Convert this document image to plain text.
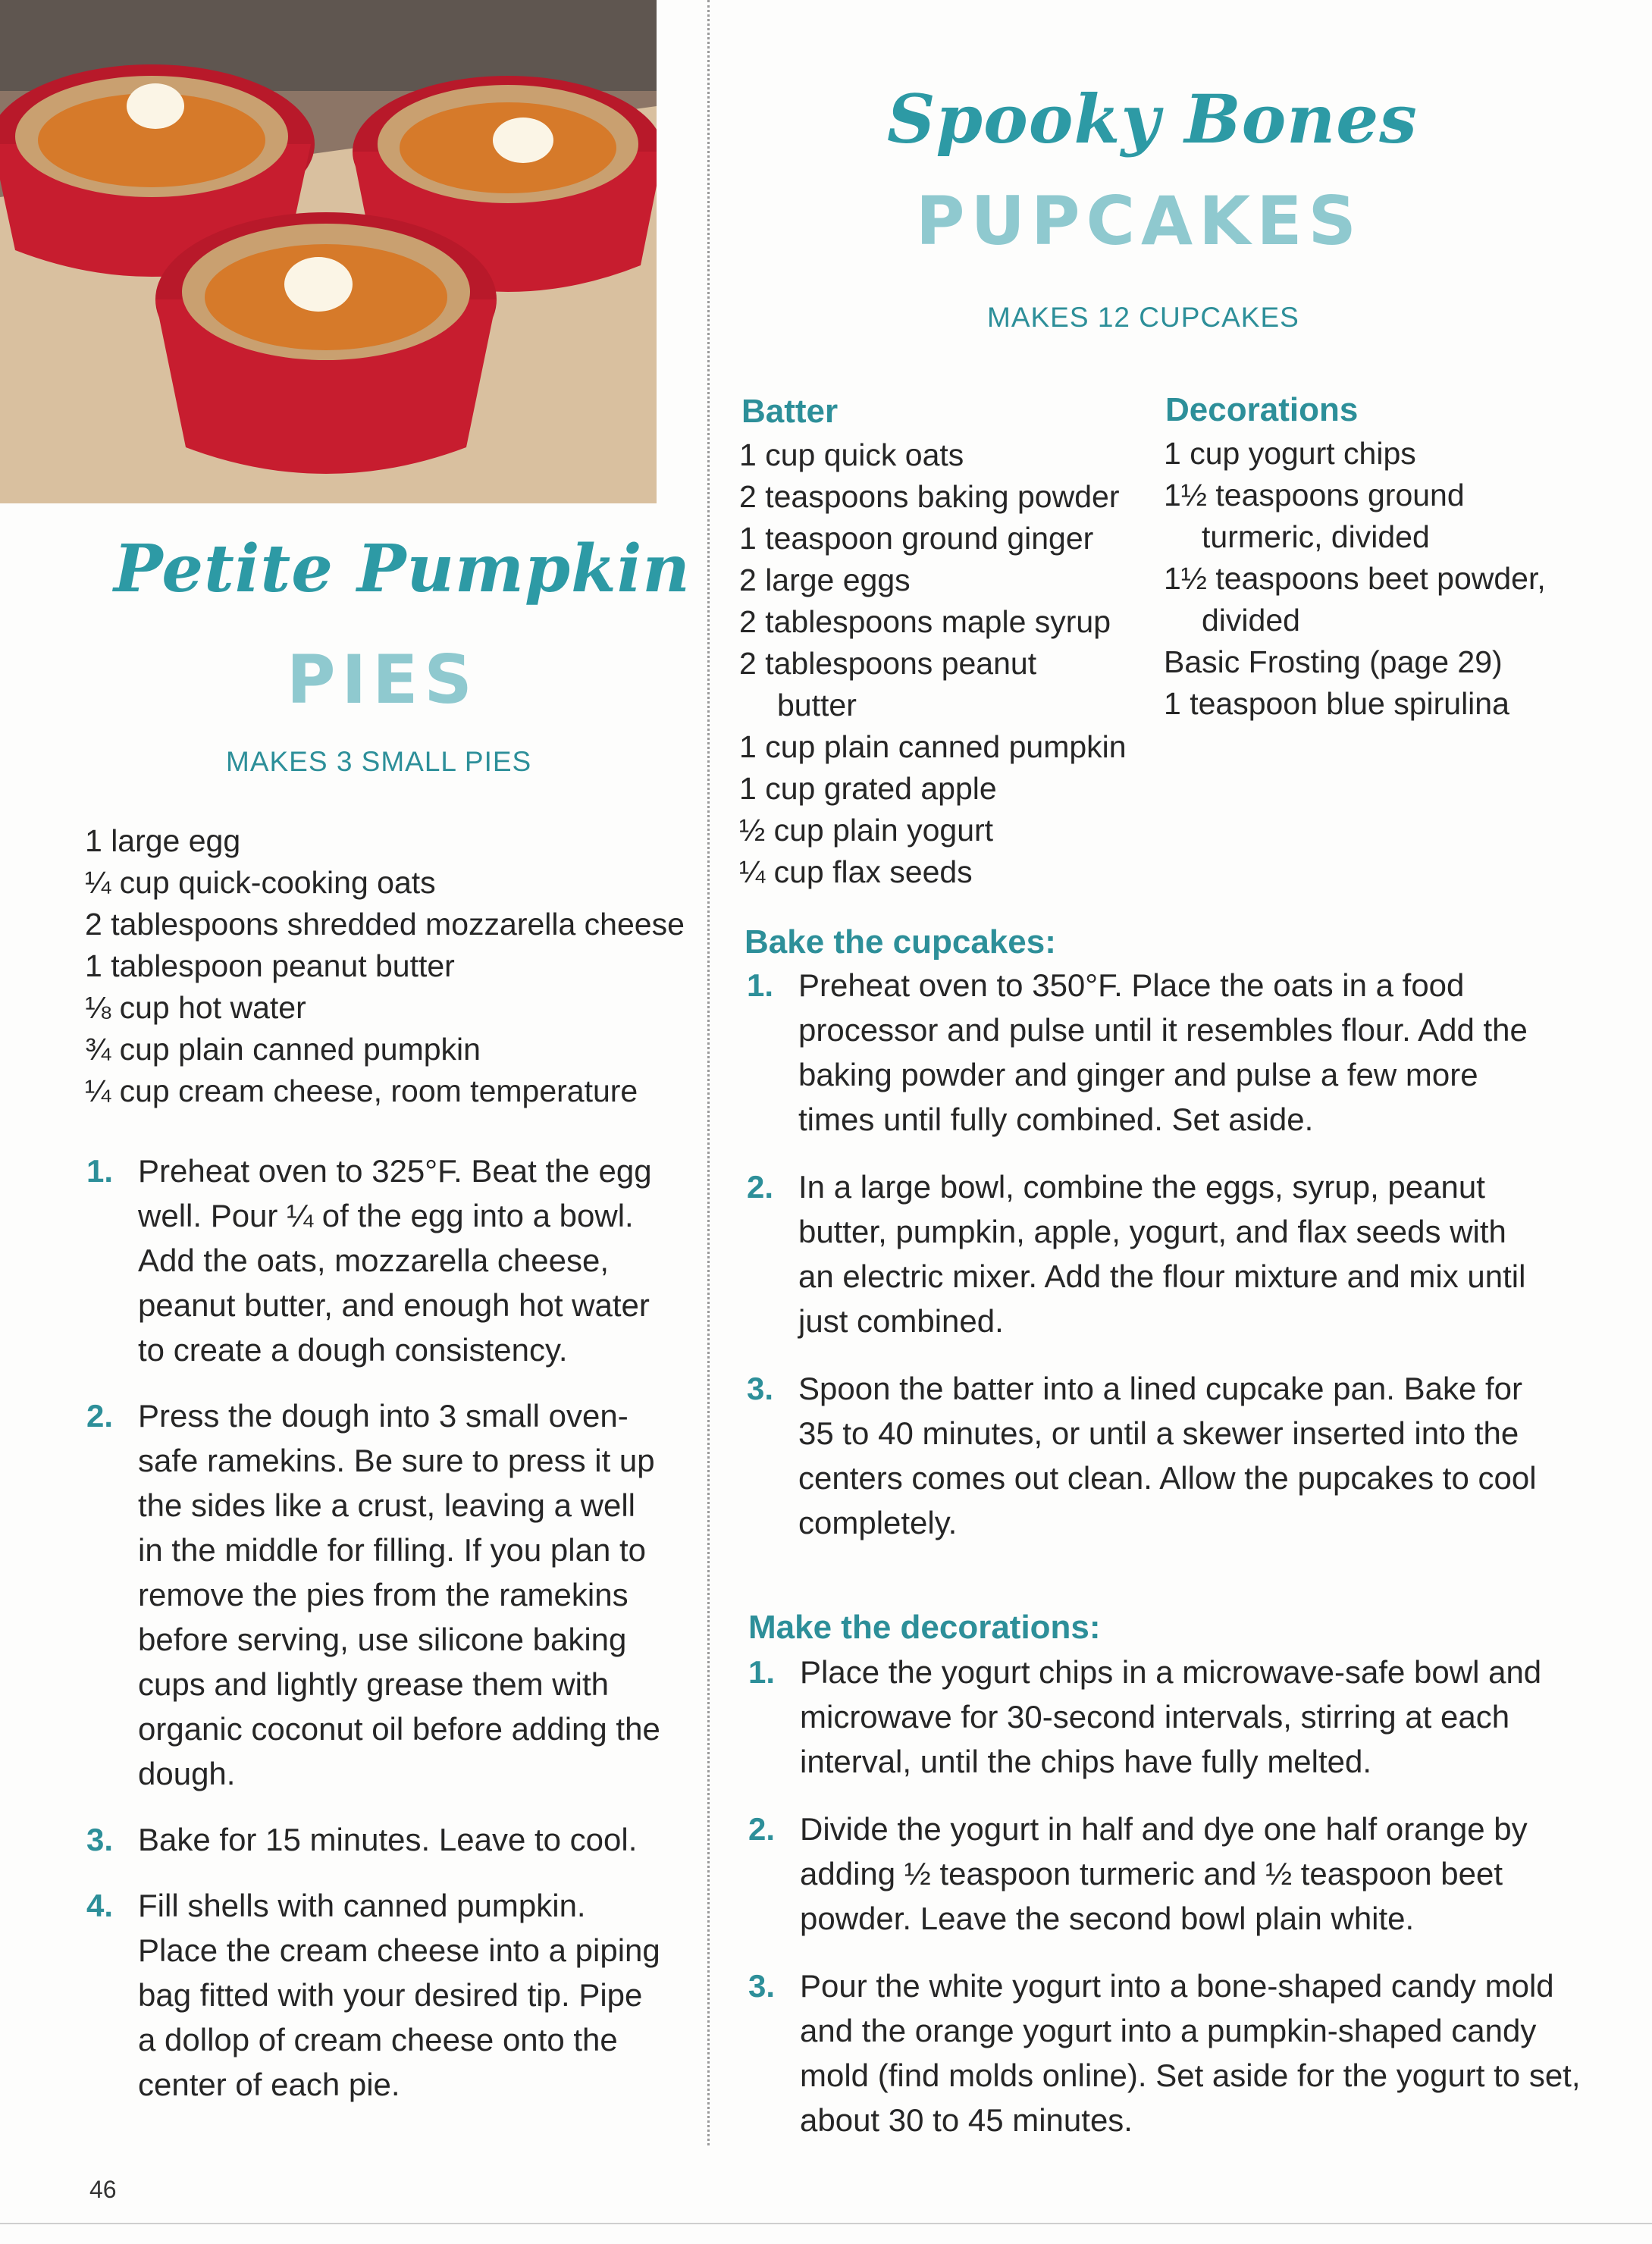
Petite Pumpkin
PIES
MAKES 3 SMALL PIES
1 large egg
¼ cup quick-cooking oats
2 tablespoons shredded mozzarella cheese
1 tablespoon peanut butter
⅛ cup hot water
¾ cup plain canned pumpkin
¼ cup cream cheese, room temperature
1. Preheat oven to 325°F. Beat the egg well. Pour ¼ of the egg into a bowl. Add the oats, mozzarella cheese, peanut butter, and enough hot water to create a dough consistency.
2. Press the dough into 3 small oven-safe ramekins. Be sure to press it up the sides like a crust, leaving a well in the middle for filling. If you plan to remove the pies from the ramekins before serving, use silicone baking cups and lightly grease them with organic coconut oil before adding the dough.
3. Bake for 15 minutes. Leave to cool.
4. Fill shells with canned pumpkin. Place the cream cheese into a piping bag fitted with your desired tip. Pipe a dollop of cream cheese onto the center of each pie.
Spooky Bones
PUPCAKES
MAKES 12 CUPCAKES
Batter
1 cup quick oats
2 teaspoons baking powder
1 teaspoon ground ginger
2 large eggs
2 tablespoons maple syrup
2 tablespoons peanut
butter
1 cup plain canned pumpkin
1 cup grated apple
½ cup plain yogurt
¼ cup flax seeds
Decorations
1 cup yogurt chips
1½ teaspoons ground
turmeric, divided
1½ teaspoons beet powder,
divided
Basic Frosting (page 29)
1 teaspoon blue spirulina
Bake the cupcakes:
1. Preheat oven to 350°F. Place the oats in a food processor and pulse until it resembles flour. Add the baking powder and ginger and pulse a few more times until fully combined. Set aside.
2. In a large bowl, combine the eggs, syrup, peanut butter, pumpkin, apple, yogurt, and flax seeds with an electric mixer. Add the flour mixture and mix until just combined.
3. Spoon the batter into a lined cupcake pan. Bake for 35 to 40 minutes, or until a skewer inserted into the centers comes out clean. Allow the pupcakes to cool completely.
Make the decorations:
1. Place the yogurt chips in a microwave-safe bowl and microwave for 30-second intervals, stirring at each interval, until the chips have fully melted.
2. Divide the yogurt in half and dye one half orange by adding ½ teaspoon turmeric and ½ teaspoon beet powder. Leave the second bowl plain white.
3. Pour the white yogurt into a bone-shaped candy mold and the orange yogurt into a pumpkin-shaped candy mold (find molds online). Set aside for the yogurt to set, about 30 to 45 minutes.
46
